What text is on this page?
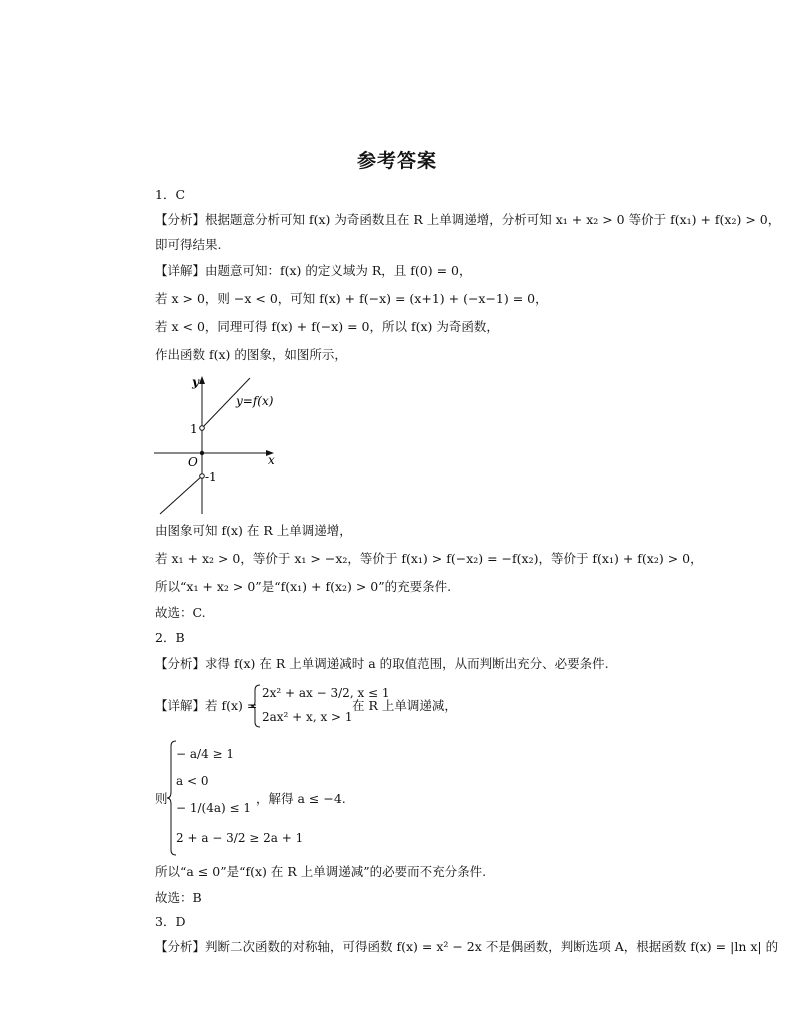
参考答案
1．C
【分析】根据题意分析可知 f(x) 为奇函数且在 R 上单调递增，分析可知 x₁ + x₂ > 0 等价于 f(x₁) + f(x₂) > 0，
即可得结果.
【详解】由题意可知：f(x) 的定义域为 R，且 f(0) = 0，
若 x > 0，则 −x < 0，可知 f(x) + f(−x) = (x+1) + (−x−1) = 0，
若 x < 0，同理可得 f(x) + f(−x) = 0，所以 f(x) 为奇函数，
作出函数 f(x) 的图象，如图所示，
y
x
O
1
-1
y=f(x)
由图象可知 f(x) 在 R 上单调递增，
若 x₁ + x₂ > 0，等价于 x₁ > −x₂，等价于 f(x₁) > f(−x₂) = −f(x₂)，等价于 f(x₁) + f(x₂) > 0，
所以“x₁ + x₂ > 0”是“f(x₁) + f(x₂) > 0”的充要条件.
故选：C.
2．B
【分析】求得 f(x) 在 R 上单调递减时 a 的取值范围，从而判断出充分、必要条件.
【详解】若 f(x) =
2x² + ax − 3/2, x ≤ 1
2ax² + x, x > 1
在 R 上单调递减，
则
− a/4 ≥ 1
a < 0
− 1/(4a) ≤ 1
2 + a − 3/2 ≥ 2a + 1
，解得 a ≤ −4.
所以“a ≤ 0”是“f(x) 在 R 上单调递减”的必要而不充分条件.
故选：B
3．D
【分析】判断二次函数的对称轴，可得函数 f(x) = x² − 2x 不是偶函数，判断选项 A，根据函数 f(x) = |ln x| 的
